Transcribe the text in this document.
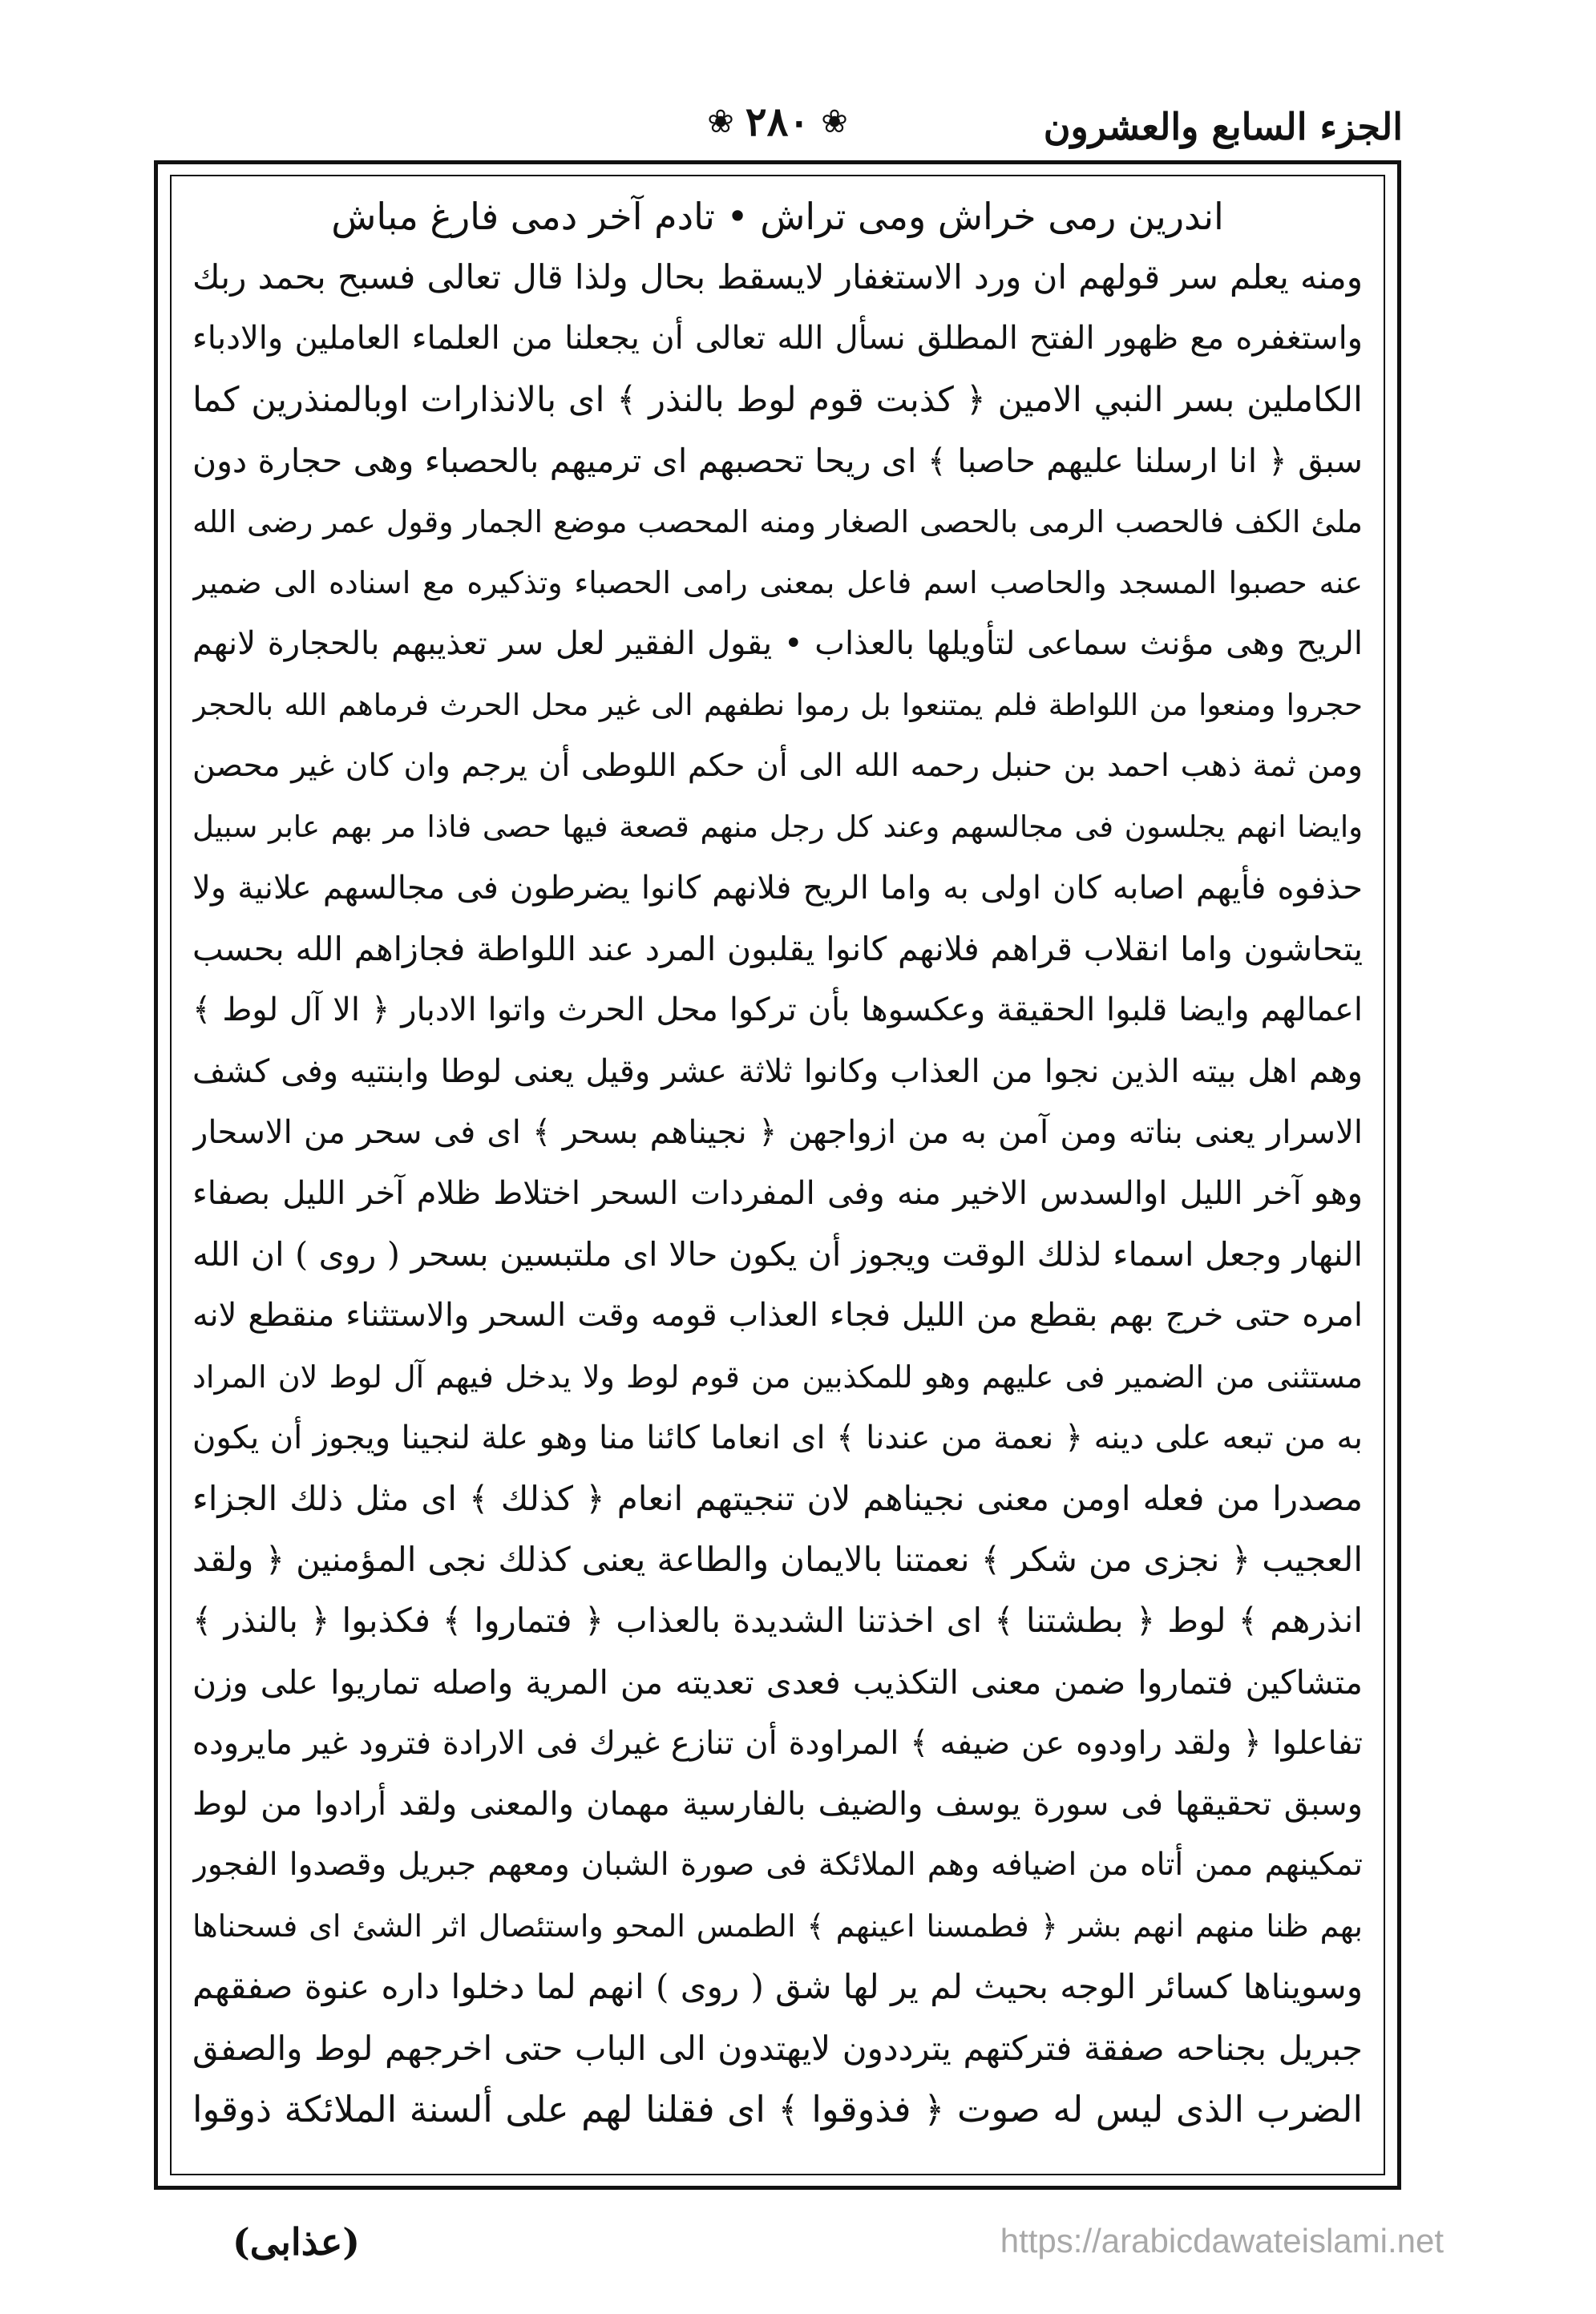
الجزء السابع والعشرون
❀ ٢٨٠ ❀
اندرين رمى خراش ومى تراش • تادم آخر دمى فارغ مباش
ومنه يعلم سر قولهم ان ورد الاستغفار لايسقط بحال ولذا قال تعالى فسبح بحمد ربك
واستغفره مع ظهور الفتح المطلق نسأل الله تعالى أن يجعلنا من العلماء العاملين والادباء
الكاملين بسر النبي الامين ﴿ كذبت قوم لوط بالنذر ﴾ اى بالانذارات اوبالمنذرين كما
سبق ﴿ انا ارسلنا عليهم حاصبا ﴾ اى ريحا تحصبهم اى ترميهم بالحصباء وهى حجارة دون
ملئ الكف فالحصب الرمى بالحصى الصغار ومنه المحصب موضع الجمار وقول عمر رضى الله
عنه حصبوا المسجد والحاصب اسم فاعل بمعنى رامى الحصباء وتذكيره مع اسناده الى ضمير
الريح وهى مؤنث سماعى لتأويلها بالعذاب • يقول الفقير لعل سر تعذيبهم بالحجارة لانهم
حجروا ومنعوا من اللواطة فلم يمتنعوا بل رموا نطفهم الى غير محل الحرث فرماهم الله بالحجر
ومن ثمة ذهب احمد بن حنبل رحمه الله الى أن حكم اللوطى أن يرجم وان كان غير محصن
وايضا انهم يجلسون فى مجالسهم وعند كل رجل منهم قصعة فيها حصى فاذا مر بهم عابر سبيل
حذفوه فأيهم اصابه كان اولى به واما الريح فلانهم كانوا يضرطون فى مجالسهم علانية ولا
يتحاشون واما انقلاب قراهم فلانهم كانوا يقلبون المرد عند اللواطة فجازاهم الله بحسب
اعمالهم وايضا قلبوا الحقيقة وعكسوها بأن تركوا محل الحرث واتوا الادبار ﴿ الا آل لوط ﴾
وهم اهل بيته الذين نجوا من العذاب وكانوا ثلاثة عشر وقيل يعنى لوطا وابنتيه وفى كشف
الاسرار يعنى بناته ومن آمن به من ازواجهن ﴿ نجيناهم بسحر ﴾ اى فى سحر من الاسحار
وهو آخر الليل اوالسدس الاخير منه وفى المفردات السحر اختلاط ظلام آخر الليل بصفاء
النهار وجعل اسماء لذلك الوقت ويجوز أن يكون حالا اى ملتبسين بسحر ( روى ) ان الله
امره حتى خرج بهم بقطع من الليل فجاء العذاب قومه وقت السحر والاستثناء منقطع لانه
مستثنى من الضمير فى عليهم وهو للمكذبين من قوم لوط ولا يدخل فيهم آل لوط لان المراد
به من تبعه على دينه ﴿ نعمة من عندنا ﴾ اى انعاما كائنا منا وهو علة لنجينا ويجوز أن يكون
مصدرا من فعله اومن معنى نجيناهم لان تنجيتهم انعام ﴿ كذلك ﴾ اى مثل ذلك الجزاء
العجيب ﴿ نجزى من شكر ﴾ نعمتنا بالايمان والطاعة يعنى كذلك نجى المؤمنين ﴿ ولقد
انذرهم ﴾ لوط ﴿ بطشتنا ﴾ اى اخذتنا الشديدة بالعذاب ﴿ فتماروا ﴾ فكذبوا ﴿ بالنذر ﴾
متشاكين فتماروا ضمن معنى التكذيب فعدى تعديته من المرية واصله تماريوا على وزن
تفاعلوا ﴿ ولقد راودوه عن ضيفه ﴾ المراودة أن تنازع غيرك فى الارادة فترود غير مايروده
وسبق تحقيقها فى سورة يوسف والضيف بالفارسية مهمان والمعنى ولقد أرادوا من لوط
تمكينهم ممن أتاه من اضيافه وهم الملائكة فى صورة الشبان ومعهم جبريل وقصدوا الفجور
بهم ظنا منهم انهم بشر ﴿ فطمسنا اعينهم ﴾ الطمس المحو واستئصال اثر الشئ اى فسحناها
وسويناها كسائر الوجه بحيث لم ير لها شق ( روى ) انهم لما دخلوا داره عنوة صفقهم
جبريل بجناحه صفقة فتركتهم يترددون لايهتدون الى الباب حتى اخرجهم لوط والصفق
الضرب الذى ليس له صوت ﴿ فذوقوا ﴾ اى فقلنا لهم على ألسنة الملائكة ذوقوا
(عذابى)	https://arabicdawateislami.net
